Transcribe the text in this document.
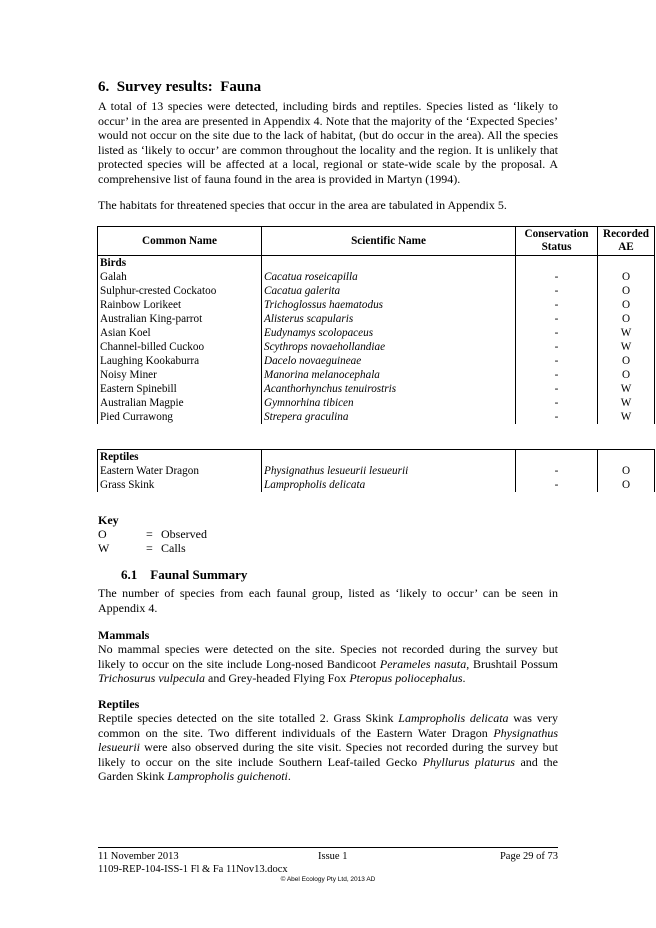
6. Survey results:  Fauna

A total of 13 species were detected, including birds and reptiles. Species listed as ‘likely to occur’ in the area are presented in Appendix 4. Note that the majority of the ‘Expected Species’ would not occur on the site due to the lack of habitat, (but do occur in the area). All the species listed as ‘likely to occur’ are common throughout the locality and the region. It is unlikely that protected species will be affected at a local, regional or state-wide scale by the proposal. A comprehensive list of fauna found in the area is provided in Martyn (1994).

The habitats for threatened species that occur in the area are tabulated in Appendix 5.

Common Name	Scientific Name	Conservation Status	Recorded AE
Birds			
Galah	Cacatua roseicapilla	-	O
Sulphur-crested Cockatoo	Cacatua galerita	-	O
Rainbow Lorikeet	Trichoglossus haematodus	-	O
Australian King-parrot	Alisterus scapularis	-	O
Asian Koel	Eudynamys scolopaceus	-	W
Channel-billed Cuckoo	Scythrops novaehollandiae	-	W
Laughing Kookaburra	Dacelo novaeguineae	-	O
Noisy Miner	Manorina melanocephala	-	O
Eastern Spinebill	Acanthorhynchus tenuirostris	-	W
Australian Magpie	Gymnorhina tibicen	-	W
Pied Currawong	Strepera graculina	-	W
Reptiles			
Eastern Water Dragon	Physignathus lesueurii lesueurii	-	O
Grass Skink	Lampropholis delicata	-	O
Key
O	= Observed
W	= Calls
6.1 Faunal Summary

The number of species from each faunal group, listed as ‘likely to occur’ can be seen in Appendix 4.

Mammals

No mammal species were detected on the site. Species not recorded during the survey but likely to occur on the site include Long-nosed Bandicoot Perameles nasuta, Brushtail Possum Trichosurus vulpecula and Grey-headed Flying Fox Pteropus poliocephalus.

Reptiles

Reptile species detected on the site totalled 2. Grass Skink Lampropholis delicata was very common on the site. Two different individuals of the Eastern Water Dragon Physignathus lesueurii were also observed during the site visit. Species not recorded during the survey but likely to occur on the site include Southern Leaf-tailed Gecko Phyllurus platurus and the Garden Skink Lampropholis guichenoti.

11 November 2013
1109-REP-104-ISS-1 Fl & Fa 11Nov13.docx
Issue 1	Page 29 of 73
© Abel Ecology Pty Ltd, 2013 AD
